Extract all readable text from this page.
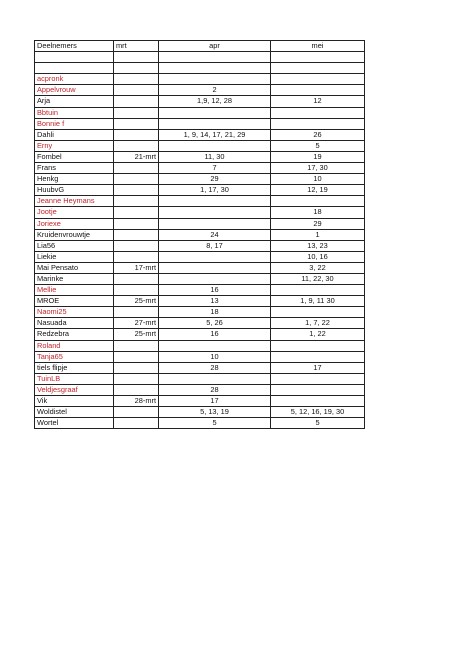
Deelnemers	mrt	apr	mei

acpronk			
Appelvrouw		2	
Arja		1,9, 12, 28	12
Bbtuin			
Bonnie f			
Dahli		1, 9, 14, 17, 21, 29	26
Erny			5
Fombel	21-mrt	11, 30	19
Frans		7	17, 30
Henkg		29	10
HuubvG		1, 17, 30	12, 19
Jeanne Heymans			
Jootje			18
Joriexe			29
Kruidenvrouwtje		24	1
Lia56		8, 17	13, 23
Liekie			10, 16
Mai Pensato	17-mrt		3, 22
Marinke			11, 22, 30
Mellie		16	
MROE	25-mrt	13	1, 9, 11 30
Naomi25		18	
Nasuada	27-mrt	5, 26	1, 7, 22
Redzebra	25-mrt	16	1, 22
Roland			
Tanja65		10	
tiels flipje		28	17
TuinLB			
Veldjesgraaf		28	
Vik	28-mrt	17	
Woldistel		5, 13, 19	5, 12, 16, 19, 30
Wortel		5	5
